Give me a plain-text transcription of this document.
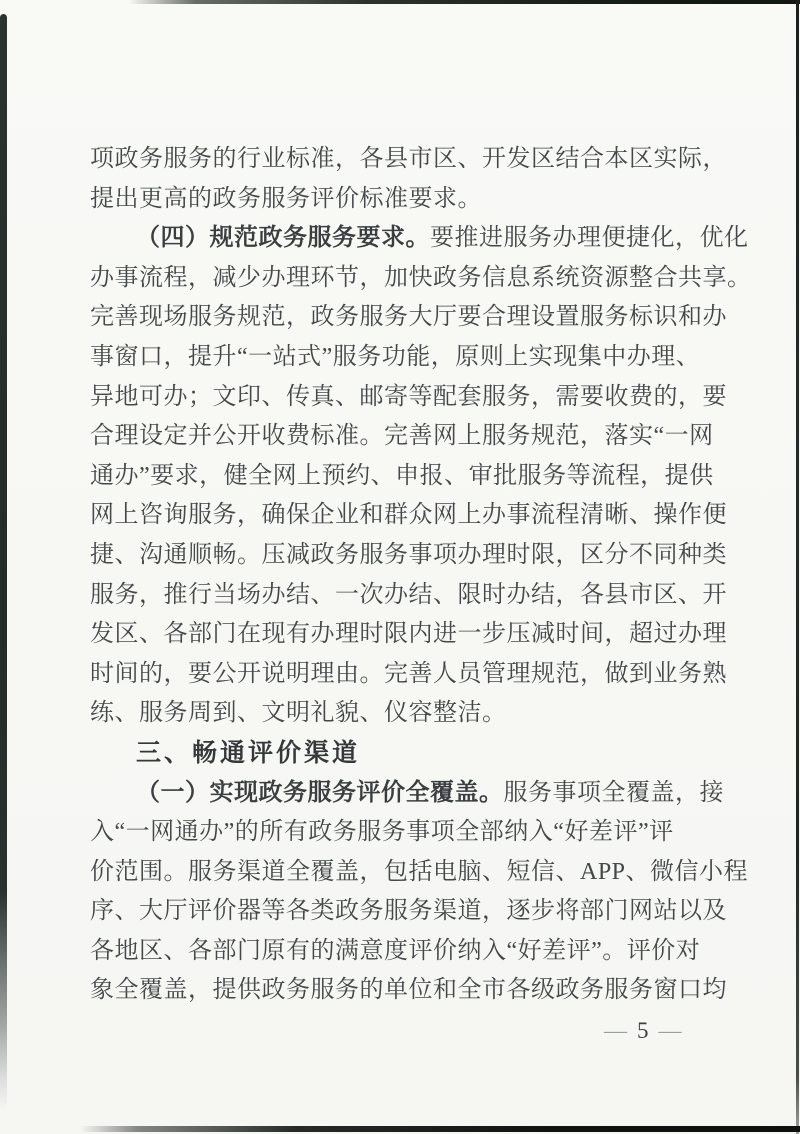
项政务服务的行业标准，各县市区、开发区结合本区实际，
提出更高的政务服务评价标准要求。
（四）规范政务服务要求。要推进服务办理便捷化，优化
办事流程，减少办理环节，加快政务信息系统资源整合共享。
完善现场服务规范，政务服务大厅要合理设置服务标识和办
事窗口，提升“一站式”服务功能，原则上实现集中办理、
异地可办；文印、传真、邮寄等配套服务，需要收费的，要
合理设定并公开收费标准。完善网上服务规范，落实“一网
通办”要求，健全网上预约、申报、审批服务等流程，提供
网上咨询服务，确保企业和群众网上办事流程清晰、操作便
捷、沟通顺畅。压减政务服务事项办理时限，区分不同种类
服务，推行当场办结、一次办结、限时办结，各县市区、开
发区、各部门在现有办理时限内进一步压减时间，超过办理
时间的，要公开说明理由。完善人员管理规范，做到业务熟
练、服务周到、文明礼貌、仪容整洁。
三、畅通评价渠道
（一）实现政务服务评价全覆盖。服务事项全覆盖，接
入“一网通办”的所有政务服务事项全部纳入“好差评”评
价范围。服务渠道全覆盖，包括电脑、短信、APP、微信小程
序、大厅评价器等各类政务服务渠道，逐步将部门网站以及
各地区、各部门原有的满意度评价纳入“好差评”。评价对
象全覆盖，提供政务服务的单位和全市各级政务服务窗口均
— 5 —
